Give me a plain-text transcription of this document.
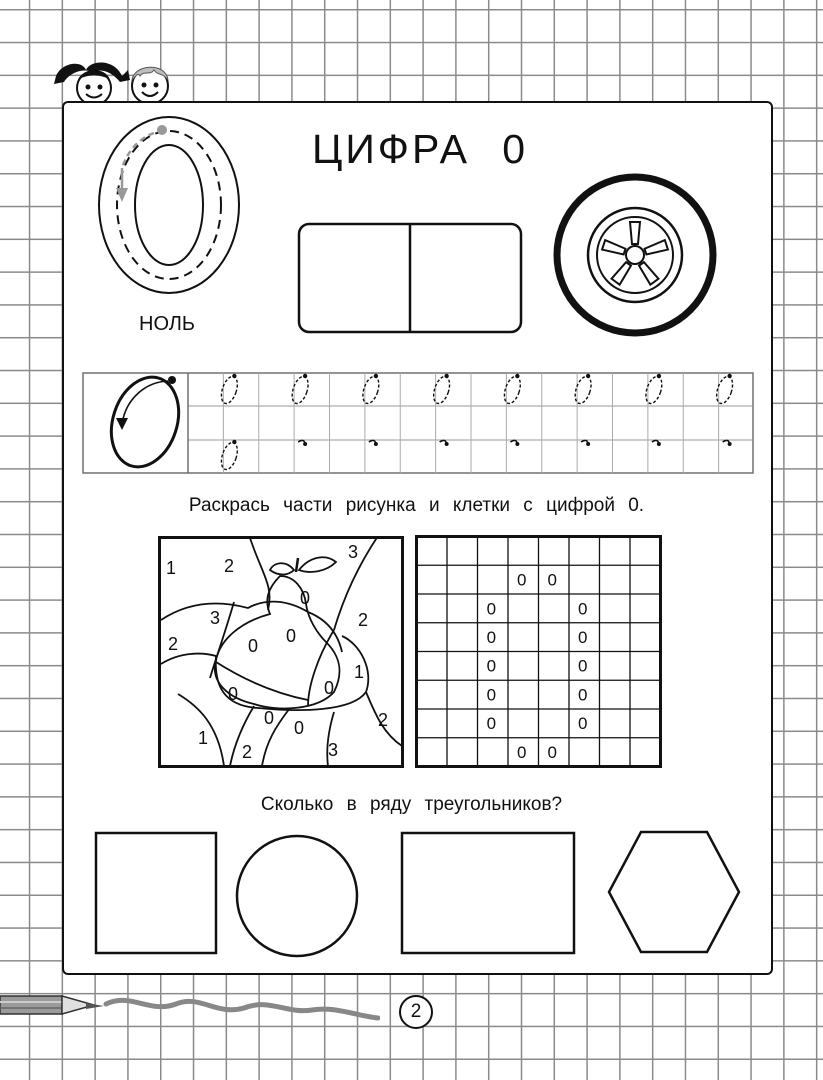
НОЛЬ
ЦИФРА 0
Раскрась части рисунка и клетки с цифрой 0.
1	2
3
2
3
0
0
2
0
1
0	0
0 0
1
2
2
3
0 0
0	0
0	0
0	0
0	0
0	0
0 0
Сколько в ряду треугольников?
2
